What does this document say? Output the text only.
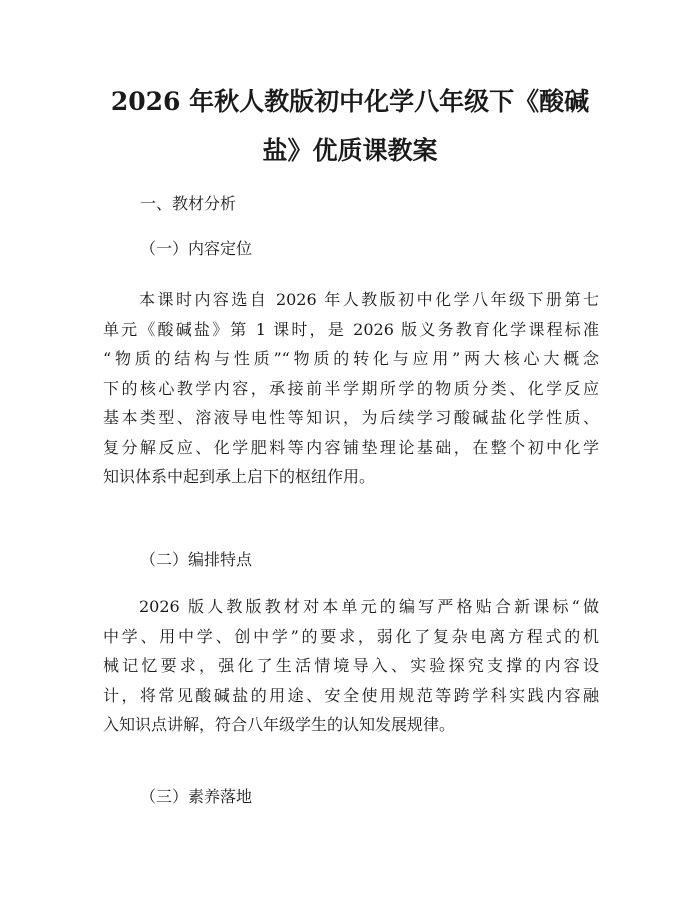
2026 年秋人教版初中化学八年级下《酸碱
盐》优质课教案

一、教材分析

（一）内容定位

本课时内容选自 2026 年人教版初中化学八年级下册第七
单元《酸碱盐》第 1 课时，是 2026 版义务教育化学课程标准
“物质的结构与性质”“物质的转化与应用”两大核心大概念
下的核心教学内容，承接前半学期所学的物质分类、化学反应
基本类型、溶液导电性等知识，为后续学习酸碱盐化学性质、
复分解反应、化学肥料等内容铺垫理论基础，在整个初中化学
知识体系中起到承上启下的枢纽作用。

（二）编排特点

2026 版人教版教材对本单元的编写严格贴合新课标“做
中学、用中学、创中学”的要求，弱化了复杂电离方程式的机
械记忆要求，强化了生活情境导入、实验探究支撑的内容设
计，将常见酸碱盐的用途、安全使用规范等跨学科实践内容融
入知识点讲解，符合八年级学生的认知发展规律。

（三）素养落地
